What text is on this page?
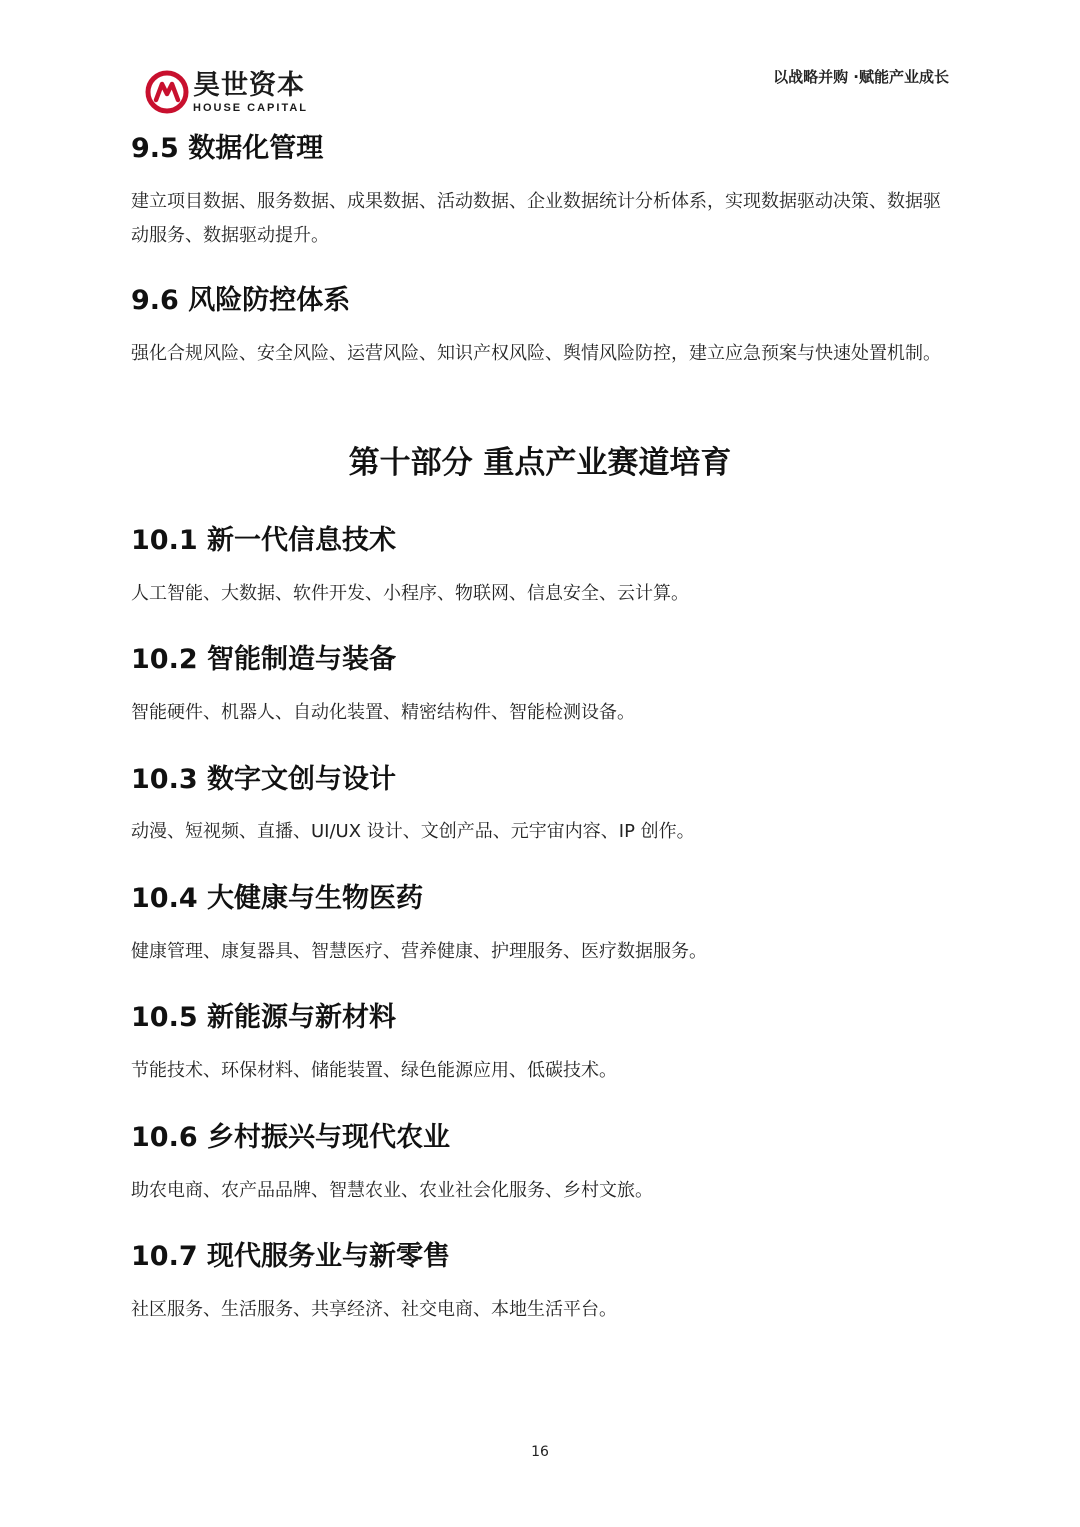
昊世资本
HOUSE CAPITAL
以战略并购 ·赋能产业成长
9.5 数据化管理

建立项目数据、服务数据、成果数据、活动数据、企业数据统计分析体系，实现数据驱动决策、数据驱动服务、数据驱动提升。

9.6 风险防控体系

强化合规风险、安全风险、运营风险、知识产权风险、舆情风险防控，建立应急预案与快速处置机制。

第十部分 重点产业赛道培育
10.1 新一代信息技术

人工智能、大数据、软件开发、小程序、物联网、信息安全、云计算。

10.2 智能制造与装备

智能硬件、机器人、自动化装置、精密结构件、智能检测设备。

10.3 数字文创与设计

动漫、短视频、直播、UI/UX 设计、文创产品、元宇宙内容、IP 创作。

10.4 大健康与生物医药

健康管理、康复器具、智慧医疗、营养健康、护理服务、医疗数据服务。

10.5 新能源与新材料

节能技术、环保材料、储能装置、绿色能源应用、低碳技术。

10.6 乡村振兴与现代农业

助农电商、农产品品牌、智慧农业、农业社会化服务、乡村文旅。

10.7 现代服务业与新零售

社区服务、生活服务、共享经济、社交电商、本地生活平台。

16
